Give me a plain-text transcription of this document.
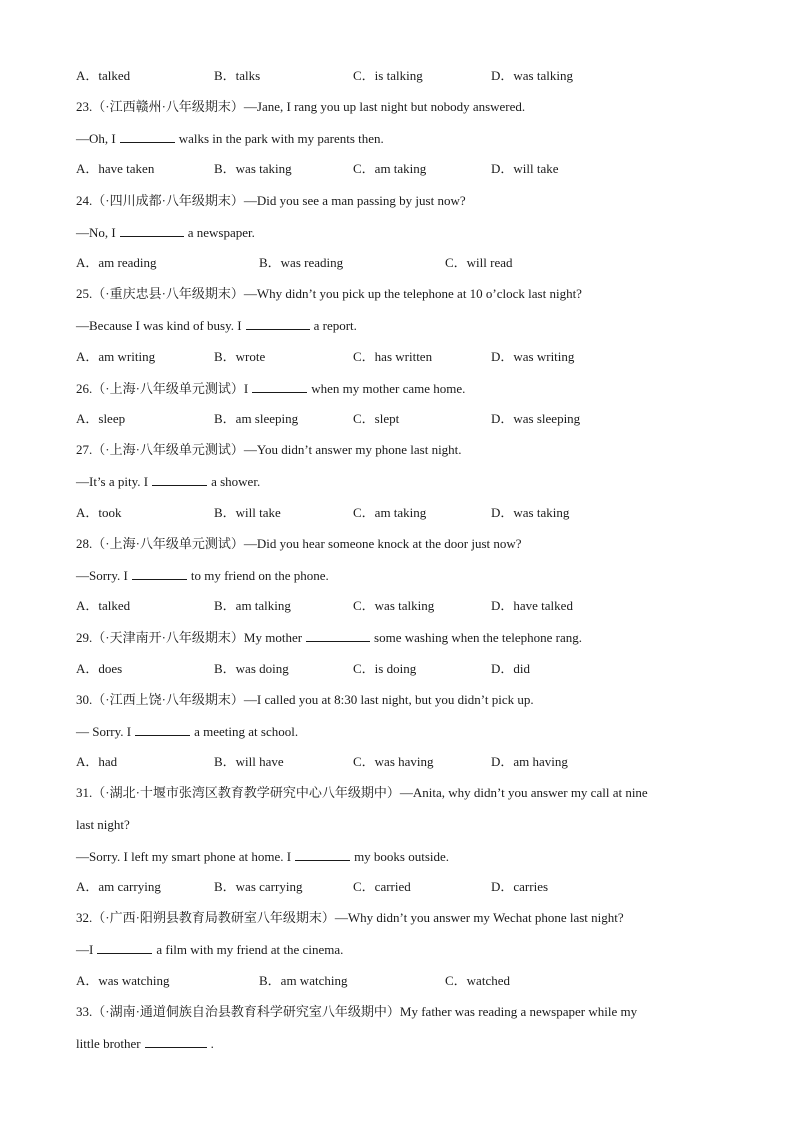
A．talked	B．talks	C．is talking	D．was talking
23.（·江西赣州·八年级期末）—Jane, I rang you up last night but nobody answered.
—Oh, I	walks in the park with my parents then.
A．have taken	B．was taking	C．am taking	D．will take
24.（·四川成都·八年级期末）—Did you see a man passing by just now?
—No, I	a newspaper.
A．am reading	B．was reading	C．will read
25.（·重庆忠县·八年级期末）—Why didn’t you pick up the telephone at 10 o’clock last night?
—Because I was kind of busy. I	a report.
A．am writing	B．wrote	C．has written	D．was writing
26.（·上海·八年级单元测试）I	when my mother came home.
A．sleep	B．am sleeping	C．slept	D．was sleeping
27.（·上海·八年级单元测试）—You didn’t answer my phone last night.
—It’s a pity. I	a shower.
A．took	B．will take	C．am taking	D．was taking
28.（·上海·八年级单元测试）—Did you hear someone knock at the door just now?
—Sorry. I	to my friend on the phone.
A．talked	B．am talking	C．was talking	D．have talked
29.（·天津南开·八年级期末）My mother	some washing when the telephone rang.
A．does	B．was doing	C．is doing	D．did
30.（·江西上饶·八年级期末）—I called you at 8:30 last night, but you didn’t pick up.
— Sorry. I	a meeting at school.
A．had	B．will have	C．was having	D．am having
31.（·湖北·十堰市张湾区教育教学研究中心八年级期中）—Anita, why didn’t you answer my call at nine
last night?
—Sorry. I left my smart phone at home. I	my books outside.
A．am carrying	B．was carrying	C．carried	D．carries
32.（·广西·阳朔县教育局教研室八年级期末）—Why didn’t you answer my Wechat phone last night?
—I	a film with my friend at the cinema.
A．was watching	B．am watching	C．watched
33.（·湖南·通道侗族自治县教育科学研究室八年级期中）My father was reading a newspaper while my
little brother	.
